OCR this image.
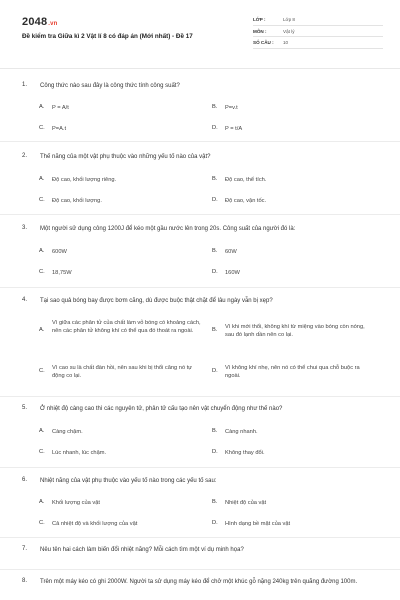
2048.vn
Đề kiểm tra Giữa kì 2 Vật lí 8 có đáp án (Mới nhất) - Đề 17
LỚP :	Lớp 8
MÔN :	Vật lý
SỐ CÂU : 10
1. Công thức nào sau đây là công thức tính công suất?
A. P = A/t	B. P=v.t
C. P=A.t	D. P = t/A
2. Thế năng của một vật phụ thuộc vào những yếu tố nào của vật?
A. Độ cao, khối lượng riêng.	B. Độ cao, thể tích.
C. Độ cao, khối lượng.	D. Độ cao, vận tốc.
3. Một người sử dụng công 1200J để kéo một gầu nước lên trong 20s. Công suất của người đó là:
A. 600W	B. 60W
C. 18,75W	D. 160W
4. Tại sao quả bóng bay được bơm căng, dù được buộc thật chặt để lâu ngày vẫn bị xẹp?
A.
Vì giữa các phân tử của chất làm vỏ bóng có khoảng cách, nên các phân tử không khí có thể qua đó thoát ra ngoài.	B. Vì khi mới thổi, không khí từ miệng vào bóng còn nóng, sau đó lạnh dần nên co lại.
C. Vì cao su là chất đàn hồi, nên sau khi bị thổi căng nó tự động co lại.
D. Vì không khí nhẹ, nên nó có thể chui qua chỗ buộc ra ngoài.
5. Ở nhiệt độ càng cao thì các nguyên tử, phân tử cấu tạo nên vật chuyển động như thế nào?
A. Càng chậm.	B. Càng nhanh.
C. Lúc nhanh, lúc chậm.	D. Không thay đổi.
6. Nhiệt năng của vật phụ thuộc vào yếu tố nào trong các yếu tố sau:
A. Khối lượng của vật	B. Nhiệt độ của vật
C. Cả nhiệt độ và khối lượng của vật	D. Hình dạng bề mặt của vật
7. Nêu tên hai cách làm biến đổi nhiệt năng? Mỗi cách tìm một ví dụ minh họa?
8. Trên một máy kéo có ghi 2000W. Người ta sử dụng máy kéo để chở một khúc gỗ nặng 240kg trên quãng đường 100m.
